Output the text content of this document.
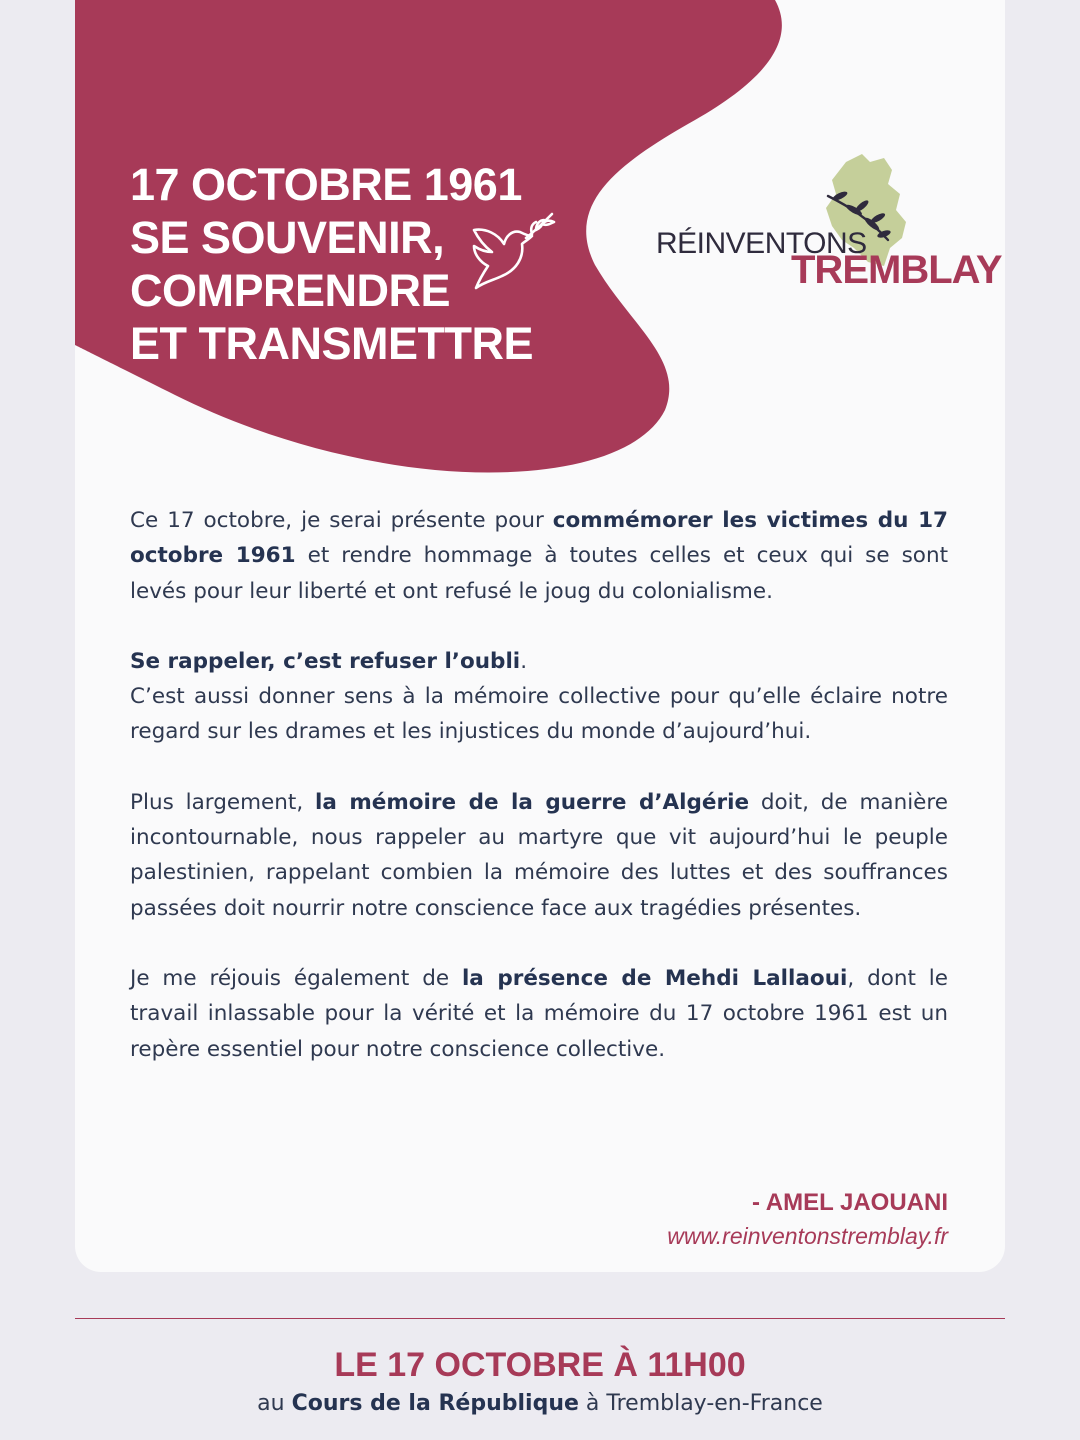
17 OCTOBRE 1961
SE SOUVENIR,
COMPRENDRE
ET TRANSMETTRE
RÉINVENTONS
TREMBLAY

Ce 17 octobre, je serai présente pour commémorer les victimes du 17 octobre 1961 et rendre hommage à toutes celles et ceux qui se sont levés pour leur liberté et ont refusé le joug du colonialisme.

Se rappeler, c’est refuser l’oubli.
C’est aussi donner sens à la mémoire collective pour qu’elle éclaire notre regard sur les drames et les injustices du monde d’aujourd’hui.

Plus largement, la mémoire de la guerre d’Algérie doit, de manière incontournable, nous rappeler au martyre que vit aujourd’hui le peuple palestinien, rappelant combien la mémoire des luttes et des souffrances passées doit nourrir notre conscience face aux tragédies présentes.

Je me réjouis également de la présence de Mehdi Lallaoui, dont le travail inlassable pour la vérité et la mémoire du 17 octobre 1961 est un repère essentiel pour notre conscience collective.

- AMEL JAOUANI
www.reinventonstremblay.fr
LE 17 OCTOBRE À 11H00
au Cours de la République à Tremblay-en-France
